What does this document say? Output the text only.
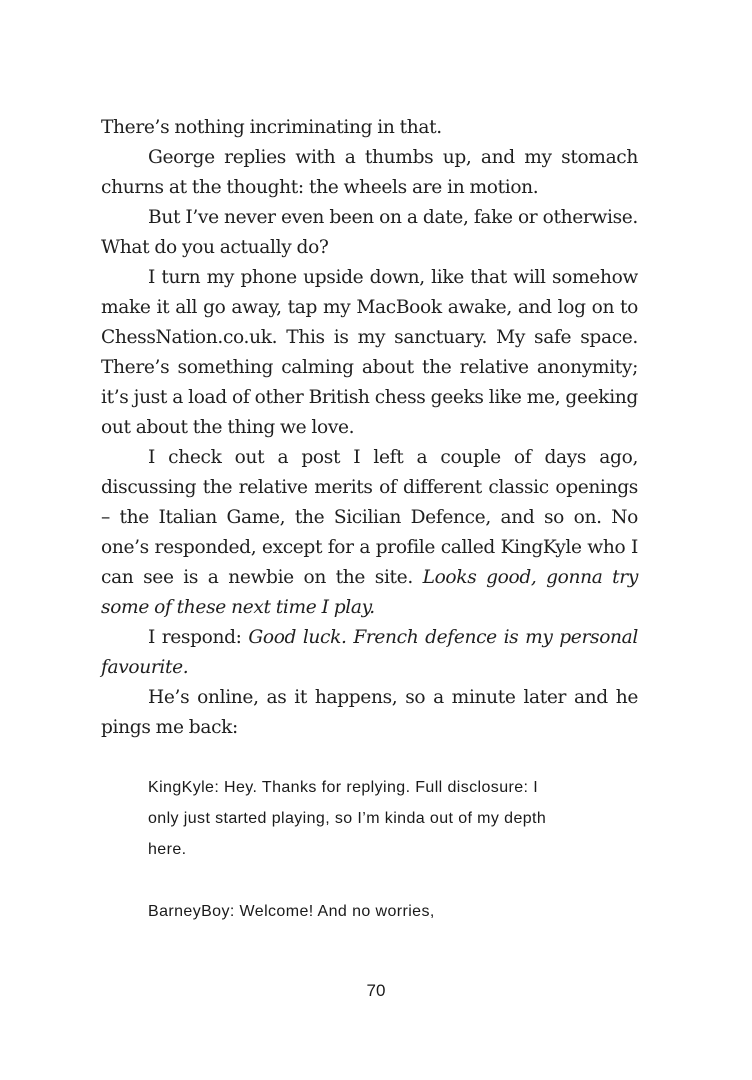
There’s nothing incriminating in that.

George replies with a thumbs up, and my stomach churns at the thought: the wheels are in motion.

But I’ve never even been on a date, fake or otherwise. What do you actually do?

I turn my phone upside down, like that will somehow make it all go away, tap my MacBook awake, and log on to ChessNation.co.uk. This is my sanctuary. My safe space. There’s something calming about the relative anonymity; it’s just a load of other British chess geeks like me, geeking out about the thing we love.

I check out a post I left a couple of days ago, discussing the relative merits of different classic openings – the Italian Game, the Sicilian Defence, and so on. No one’s responded, except for a profile called KingKyle who I can see is a newbie on the site. Looks good, gonna try some of these next time I play.

I respond: Good luck. French defence is my personal favourite.

He’s online, as it happens, so a minute later and he pings me back:

KingKyle: Hey. Thanks for replying. Full disclosure: I only just started playing, so I’m kinda out of my depth here.

BarneyBoy: Welcome! And no worries,

70
